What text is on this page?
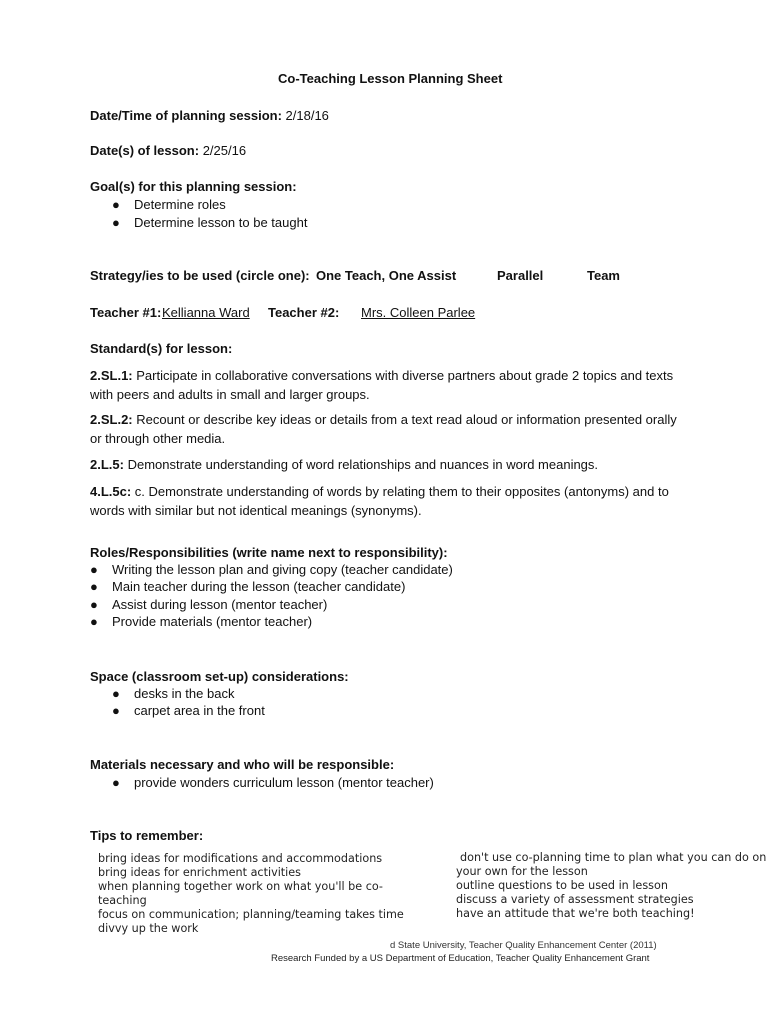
Co-Teaching Lesson Planning Sheet
Date/Time of planning session: 2/18/16
Date(s) of lesson: 2/25/16
Goal(s) for this planning session:
● Determine roles
● Determine lesson to be taught
Strategy/ies to be used (circle one): One Teach, One Assist	Parallel	Team
Teacher #1: Kellianna Ward	Teacher #2: Mrs. Colleen Parlee
Standard(s) for lesson:
2.SL.1: Participate in collaborative conversations with diverse partners about grade 2 topics and texts with peers and adults in small and larger groups.
2.SL.2: Recount or describe key ideas or details from a text read aloud or information presented orally or through other media.
2.L.5: Demonstrate understanding of word relationships and nuances in word meanings.
4.L.5c: c. Demonstrate understanding of words by relating them to their opposites (antonyms) and to words with similar but not identical meanings (synonyms).
Roles/Responsibilities (write name next to responsibility):
● Writing the lesson plan and giving copy (teacher candidate)
● Main teacher during the lesson (teacher candidate)
● Assist during lesson (mentor teacher)
● Provide materials (mentor teacher)
Space (classroom set-up) considerations:
● desks in the back
● carpet area in the front
Materials necessary and who will be responsible:
● provide wonders curriculum lesson (mentor teacher)
Tips to remember:
bring ideas for modifications and accommodations
bring ideas for enrichment activities
when planning together work on what you'll be co-
teaching
focus on communication; planning/teaming takes time
divvy up the work
don't use co-planning time to plan what you can do on
your own for the lesson
outline questions to be used in lesson
discuss a variety of assessment strategies
have an attitude that we're both teaching!
d State University, Teacher Quality Enhancement Center (2011)
Research Funded by a US Department of Education, Teacher Quality Enhancement Grant
